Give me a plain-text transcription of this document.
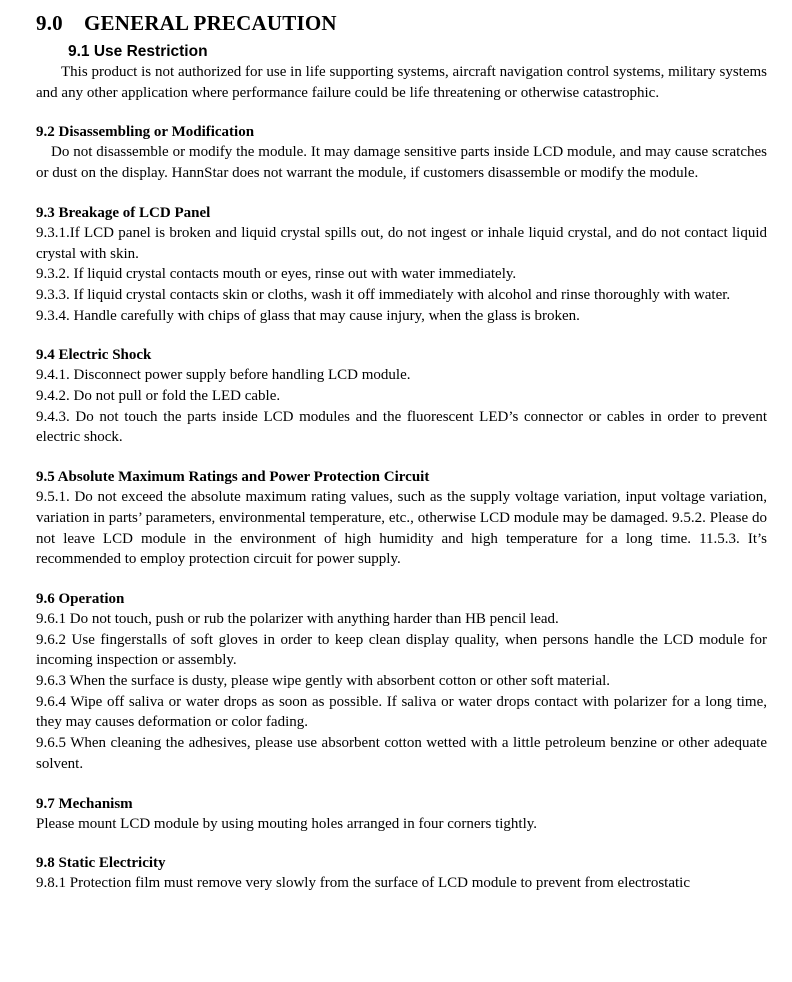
9.0 GENERAL PRECAUTION
9.1 Use Restriction

This product is not authorized for use in life supporting systems, aircraft navigation control systems, military systems and any other application where performance failure could be life threatening or otherwise catastrophic.

9.2 Disassembling or Modification

Do not disassemble or modify the module. It may damage sensitive parts inside LCD module, and may cause scratches or dust on the display. HannStar does not warrant the module, if customers disassemble or modify the module.

9.3 Breakage of LCD Panel

9.3.1.If LCD panel is broken and liquid crystal spills out, do not ingest or inhale liquid crystal, and do not contact liquid crystal with skin.

9.3.2. If liquid crystal contacts mouth or eyes, rinse out with water immediately.

9.3.3. If liquid crystal contacts skin or cloths, wash it off immediately with alcohol and rinse thoroughly with water.

9.3.4. Handle carefully with chips of glass that may cause injury, when the glass is broken.

9.4 Electric Shock

9.4.1. Disconnect power supply before handling LCD module.

9.4.2. Do not pull or fold the LED cable.

9.4.3. Do not touch the parts inside LCD modules and the fluorescent LED’s connector or cables in order to prevent electric shock.

9.5 Absolute Maximum Ratings and Power Protection Circuit

9.5.1. Do not exceed the absolute maximum rating values, such as the supply voltage variation, input voltage variation, variation in parts’ parameters, environmental temperature, etc., otherwise LCD module may be damaged. 9.5.2. Please do not leave LCD module in the environment of high humidity and high temperature for a long time. 11.5.3. It’s recommended to employ protection circuit for power supply.

9.6 Operation

9.6.1 Do not touch, push or rub the polarizer with anything harder than HB pencil lead.

9.6.2 Use fingerstalls of soft gloves in order to keep clean display quality, when persons handle the LCD module for incoming inspection or assembly.

9.6.3 When the surface is dusty, please wipe gently with absorbent cotton or other soft material.

9.6.4 Wipe off saliva or water drops as soon as possible. If saliva or water drops contact with polarizer for a long time, they may causes deformation or color fading.

9.6.5 When cleaning the adhesives, please use absorbent cotton wetted with a little petroleum benzine or other adequate solvent.

9.7 Mechanism

Please mount LCD module by using mouting holes arranged in four corners tightly.

9.8 Static Electricity

9.8.1 Protection film must remove very slowly from the surface of LCD module to prevent from electrostatic
